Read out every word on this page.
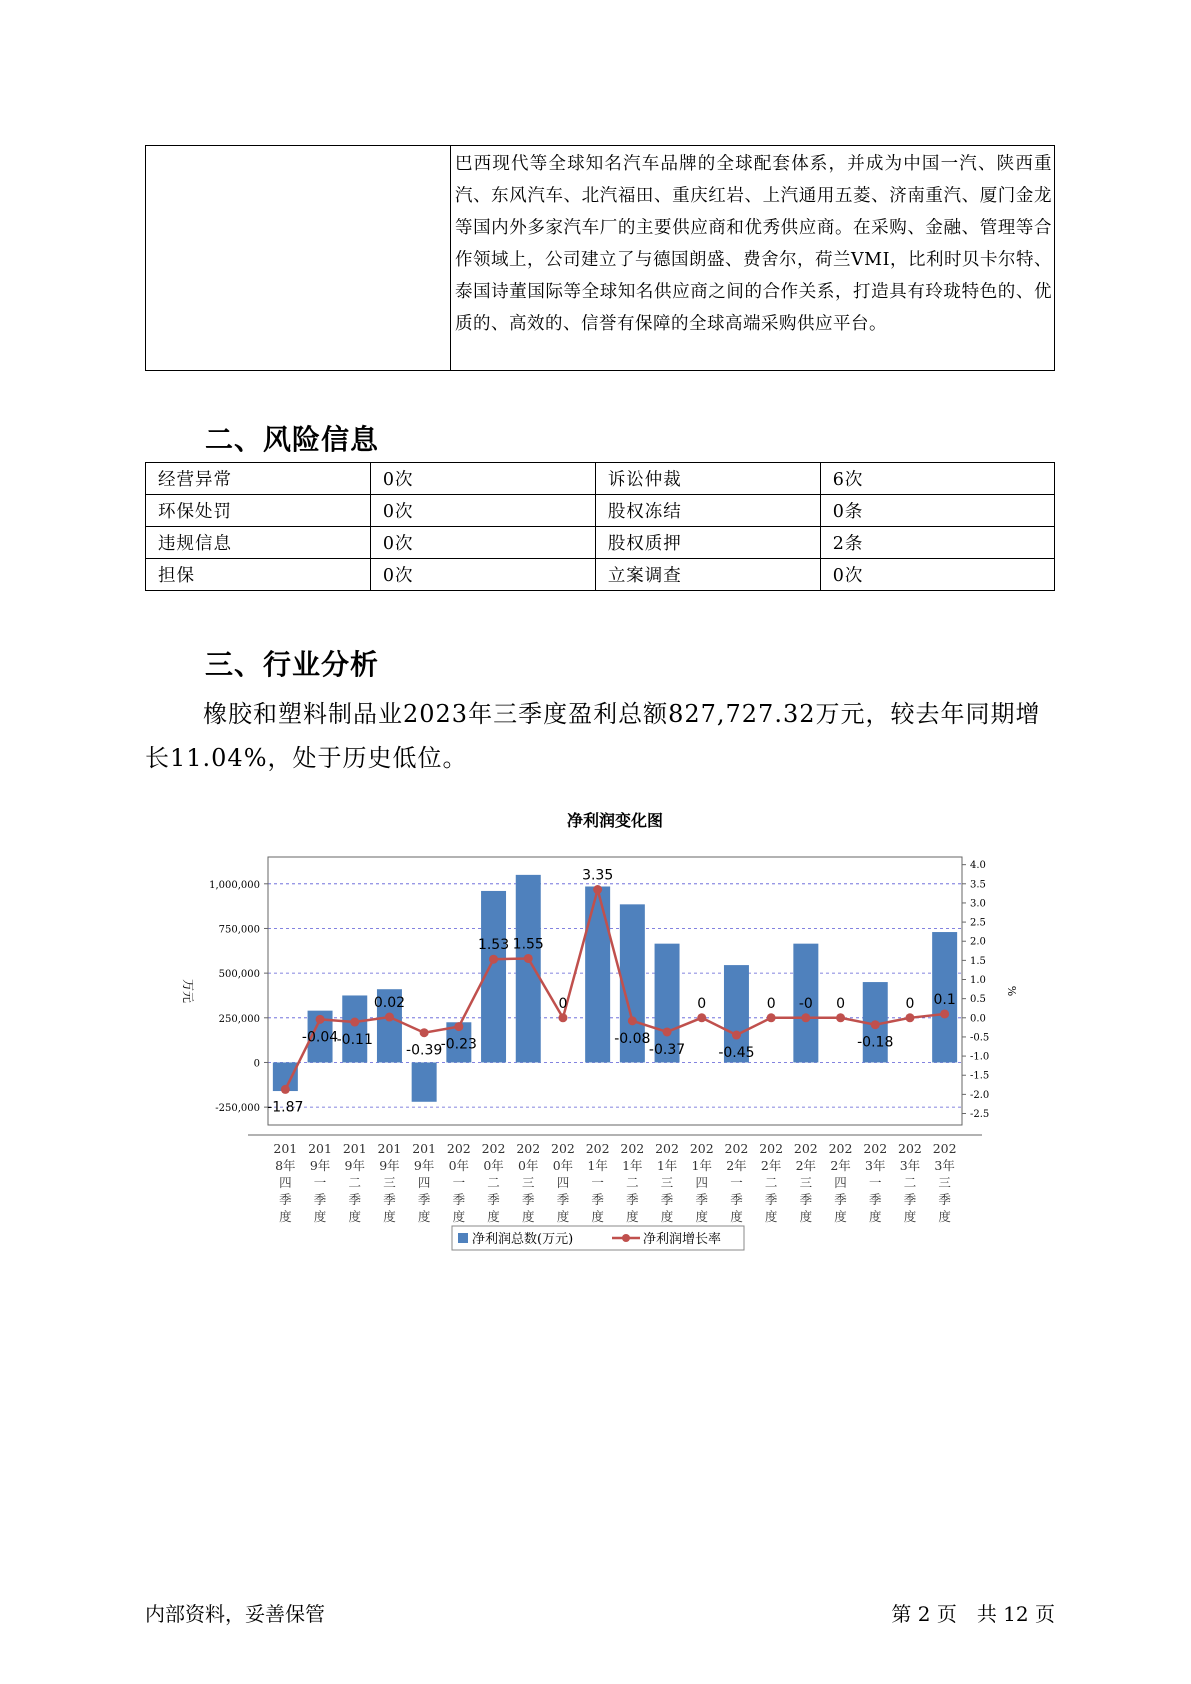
	巴西现代等全球知名汽车品牌的全球配套体系，并成为中国一汽、陕西重汽、东风汽车、北汽福田、重庆红岩、上汽通用五菱、济南重汽、厦门金龙等国内外多家汽车厂的主要供应商和优秀供应商。在采购、金融、管理等合作领域上，公司建立了与德国朗盛、费舍尔，荷兰VMI，比利时贝卡尔特、泰国诗董国际等全球知名供应商之间的合作关系，打造具有玲珑特色的、优质的、高效的、信誉有保障的全球高端采购供应平台。
二、风险信息
经营异常	0次	诉讼仲裁	6次
环保处罚	0次	股权冻结	0条
违规信息	0次	股权质押	2条
担保	0次	立案调查	0次
三、行业分析

橡胶和塑料制品业2023年三季度盈利总额827,727.32万元，较去年同期增长11.04%，处于历史低位。

净利润变化图
-250,000
0
250,000
500,000
750,000
1,000,000
万元
4.0
3.5
3.0
2.5
2.0
1.5
1.0
0.5
0.0
-0.5
-1.0
-1.5
-2.0
-2.5
%
-1.87
-0.04
-0.11
0.02
-0.39
-0.23
1.53 1.55
0
3.35
-0.08
-0.37
0
-0.45
0 -0 0
-0.18
0 0.1
201
8年
四
季
度
201
9年
一
季
度
201
9年
二
季
度
201
9年
三
季
度
201
9年
四
季
度
202
0年
一
季
度
202
0年
二
季
度
202
0年
三
季
度
202
0年
四
季
度
202
1年
一
季
度
202
1年
二
季
度
202
1年
三
季
度
202
1年
四
季
度
202
2年
一
季
度
202
2年
二
季
度
202
2年
三
季
度
202
2年
四
季
度
202
3年
一
季
度
202
3年
二
季
度
202
3年
三
季
度
净利润总数(万元)	净利润增长率
内部资料，妥善保管	第 2 页　共 12 页
